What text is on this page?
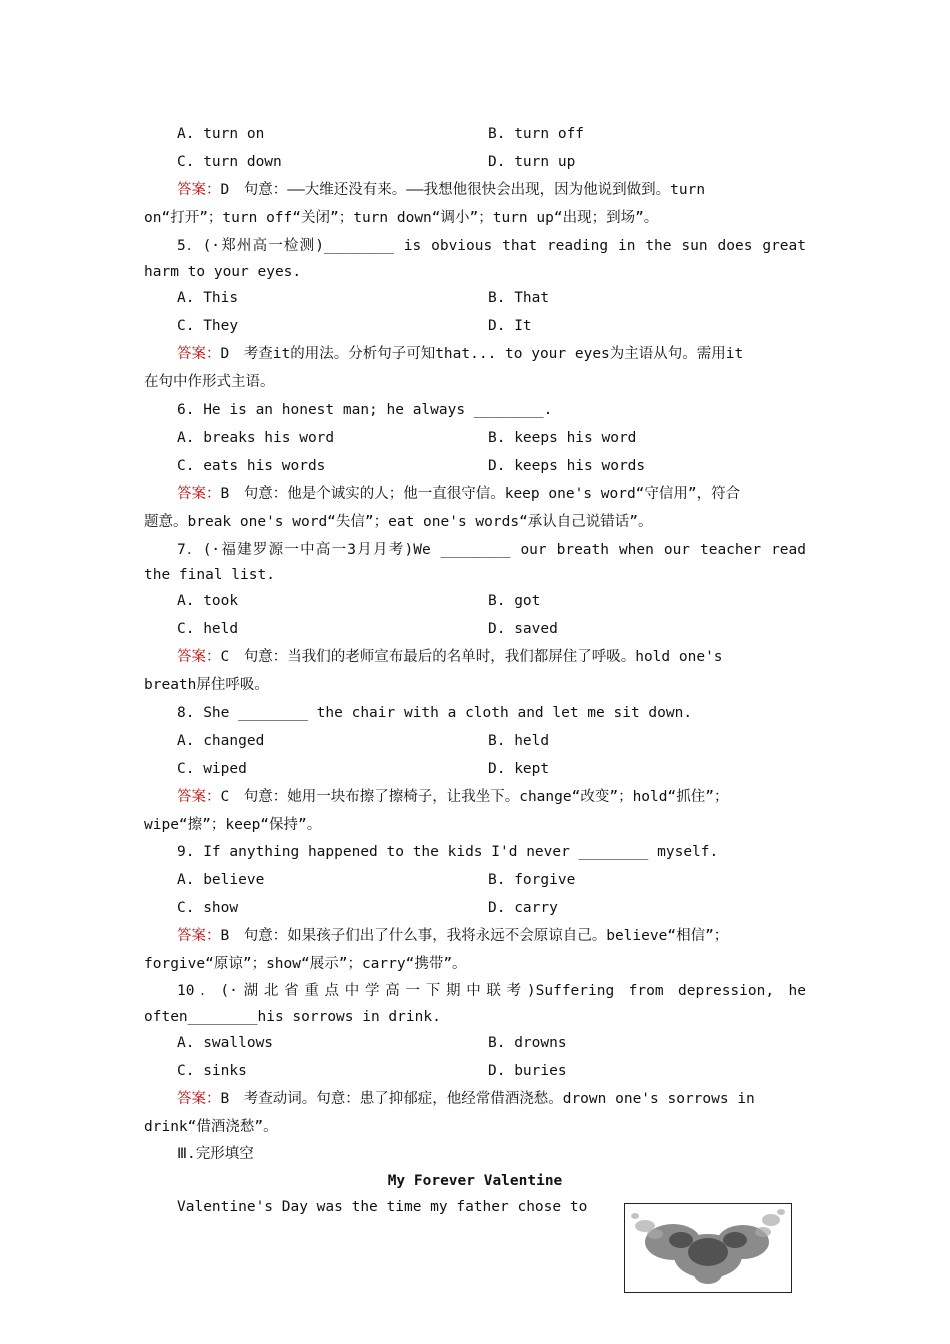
A. turn on	B. turn off
C. turn down	D. turn up
答案：D　句意：——大维还没有来。——我想他很快会出现，因为他说到做到。turn
on“打开”；turn off“关闭”；turn down“调小”；turn up“出现；到场”。
5．(·郑州高一检测)________ is obvious that reading in the sun does great
harm to your eyes.
A. This	B. That
C. They	D. It
答案：D　考查it的用法。分析句子可知that... to your eyes为主语从句。需用it
在句中作形式主语。
6. He is an honest man; he always ________.
A. breaks his word	B. keeps his word
C. eats his words	D. keeps his words
答案：B　句意：他是个诚实的人；他一直很守信。keep one's word“守信用”，符合
题意。break one's word“失信”；eat one's words“承认自己说错话”。
7．(·福建罗源一中高一3月月考)We ________ our breath when our teacher read
the final list.
A. took	B. got
C. held	D. saved
答案：C　句意：当我们的老师宣布最后的名单时，我们都屏住了呼吸。hold one's
breath屏住呼吸。
8. She ________ the chair with a cloth and let me sit down.
A. changed	B. held
C. wiped	D. kept
答案：C　句意：她用一块布擦了擦椅子，让我坐下。change“改变”；hold“抓住”；
wipe“擦”；keep“保持”。
9. If anything happened to the kids I'd never ________ myself.
A. believe	B. forgive
C. show	D. carry
答案：B　句意：如果孩子们出了什么事，我将永远不会原谅自己。believe“相信”；
forgive“原谅”；show“展示”；carry“携带”。
10．(·湖北省重点中学高一下期中联考)Suffering from depression, he
often________his sorrows in drink.
A. swallows	B. drowns
C. sinks	D. buries
答案：B　考查动词。句意：患了抑郁症，他经常借酒浇愁。drown one's sorrows in
drink“借酒浇愁”。
Ⅲ.完形填空
My Forever Valentine
Valentine's Day was the time my father chose to
